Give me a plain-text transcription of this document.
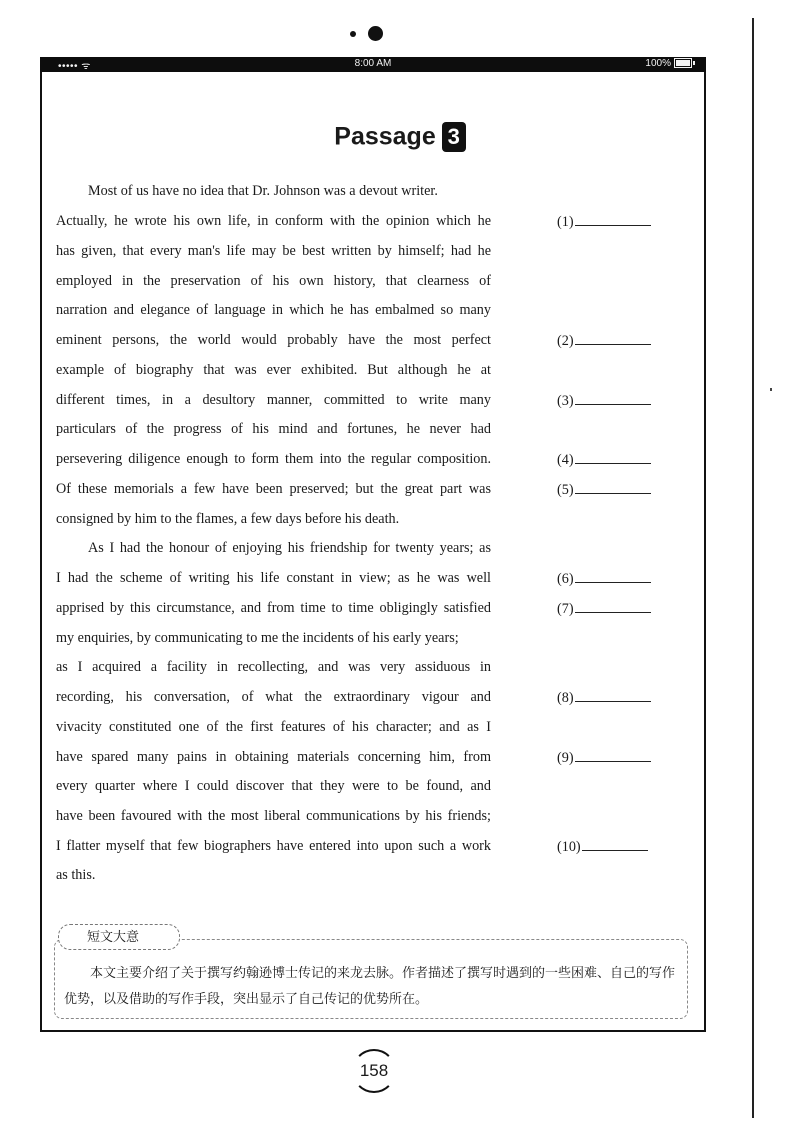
••••• ᯤ	8:00 AM	100%
Passage 3
Most of us have no idea that Dr. Johnson was a devout writer.
Actually, he wrote his own life, in conform with the opinion which he
has given, that every man's life may be best written by himself; had he
employed in the preservation of his own history, that clearness of
narration and elegance of language in which he has embalmed so many
eminent persons, the world would probably have the most perfect
example of biography that was ever exhibited. But although he at
different times, in a desultory manner, committed to write many
particulars of the progress of his mind and fortunes, he never had
persevering diligence enough to form them into the regular composition.
Of these memorials a few have been preserved; but the great part was
consigned by him to the flames, a few days before his death.
As I had the honour of enjoying his friendship for twenty years; as
I had the scheme of writing his life constant in view; as he was well
apprised by this circumstance, and from time to time obligingly satisfied
my enquiries, by communicating to me the incidents of his early years;
as I acquired a facility in recollecting, and was very assiduous in
recording, his conversation, of what the extraordinary vigour and
vivacity constituted one of the first features of his character; and as I
have spared many pains in obtaining materials concerning him, from
every quarter where I could discover that they were to be found, and
have been favoured with the most liberal communications by his friends;
I flatter myself that few biographers have entered into upon such a work
as this.
(1)
(2)
(3)
(4)
(5)
(6)
(7)
(8)
(9)
(10)
短文大意
本文主要介绍了关于撰写约翰逊博士传记的来龙去脉。作者描述了撰写时遇到的一些困难、自己的写作优势，以及借助的写作手段，突出显示了自己传记的优势所在。
158
